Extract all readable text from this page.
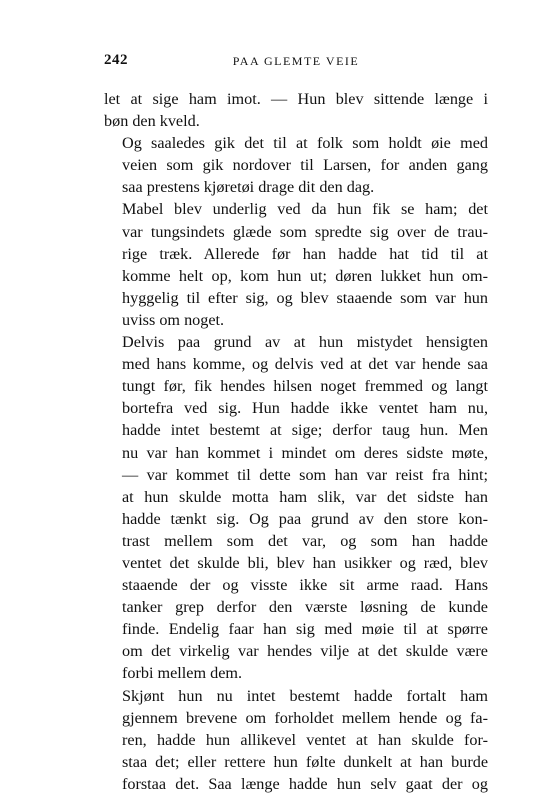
242	PAA GLEMTE VEIE

let at sige ham imot. — Hun blev sittende længe i
bøn den kveld.

Og saaledes gik det til at folk som holdt øie med
veien som gik nordover til Larsen, for anden gang
saa prestens kjøretøi drage dit den dag.

Mabel blev underlig ved da hun fik se ham; det
var tungsindets glæde som spredte sig over de trau-
rige træk. Allerede før han hadde hat tid til at
komme helt op, kom hun ut; døren lukket hun om-
hyggelig til efter sig, og blev staaende som var hun
uviss om noget.

Delvis paa grund av at hun mistydet hensigten
med hans komme, og delvis ved at det var hende saa
tungt før, fik hendes hilsen noget fremmed og langt
bortefra ved sig. Hun hadde ikke ventet ham nu,
hadde intet bestemt at sige; derfor taug hun. Men
nu var han kommet i mindet om deres sidste møte,
— var kommet til dette som han var reist fra hint;
at hun skulde motta ham slik, var det sidste han
hadde tænkt sig. Og paa grund av den store kon-
trast mellem som det var, og som han hadde
ventet det skulde bli, blev han usikker og ræd, blev
staaende der og visste ikke sit arme raad. Hans
tanker grep derfor den værste løsning de kunde
finde. Endelig faar han sig med møie til at spørre
om det virkelig var hendes vilje at det skulde være
forbi mellem dem.

Skjønt hun nu intet bestemt hadde fortalt ham
gjennem brevene om forholdet mellem hende og fa-
ren, hadde hun allikevel ventet at han skulde for-
staa det; eller rettere hun følte dunkelt at han burde
forstaa det. Saa længe hadde hun selv gaat der og
